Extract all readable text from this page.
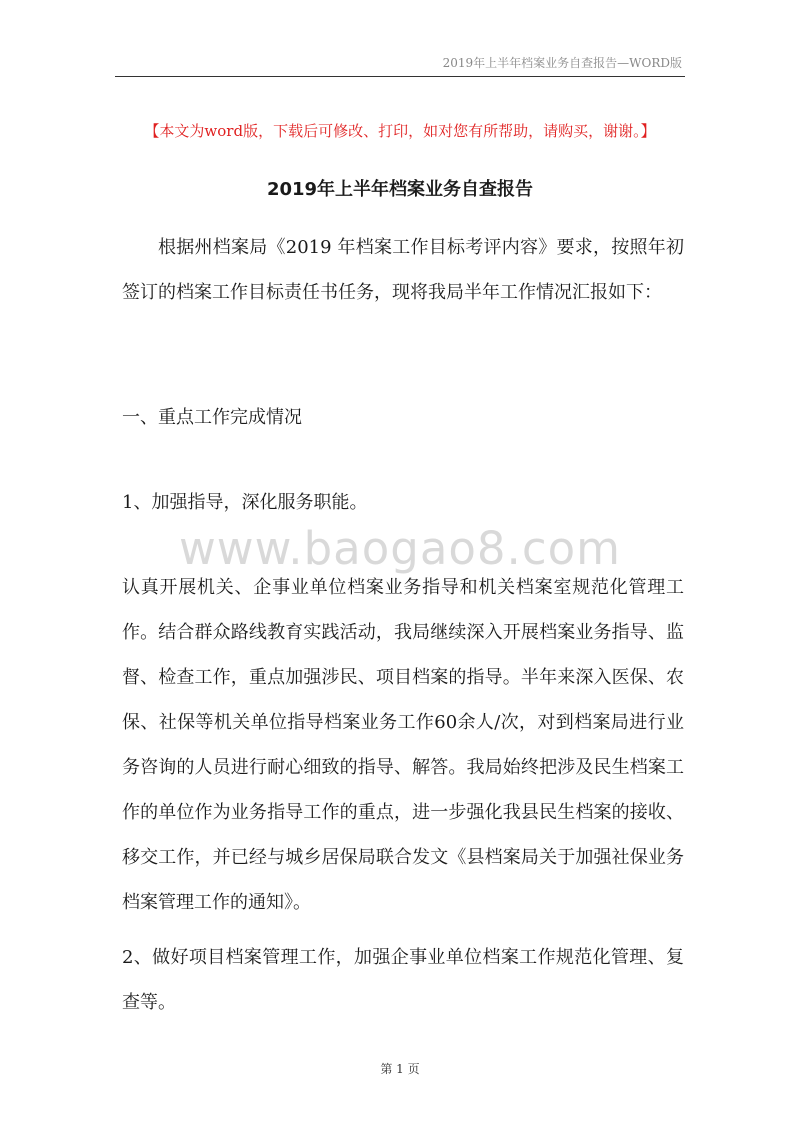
2019年上半年档案业务自查报告—WORD版
【本文为word版，下载后可修改、打印，如对您有所帮助，请购买，谢谢。】
2019年上半年档案业务自查报告

根据州档案局《2019 年档案工作目标考评内容》要求，按照年初签订的档案工作目标责任书任务，现将我局半年工作情况汇报如下：

一、重点工作完成情况

1、加强指导，深化服务职能。

www.baogao8.com

认真开展机关、企事业单位档案业务指导和机关档案室规范化管理工作。结合群众路线教育实践活动，我局继续深入开展档案业务指导、监督、检查工作，重点加强涉民、项目档案的指导。半年来深入医保、农保、社保等机关单位指导档案业务工作60余人/次，对到档案局进行业务咨询的人员进行耐心细致的指导、解答。我局始终把涉及民生档案工作的单位作为业务指导工作的重点，进一步强化我县民生档案的接收、移交工作，并已经与城乡居保局联合发文《县档案局关于加强社保业务档案管理工作的通知》。

2、做好项目档案管理工作，加强企事业单位档案工作规范化管理、复查等。

第 1 页
